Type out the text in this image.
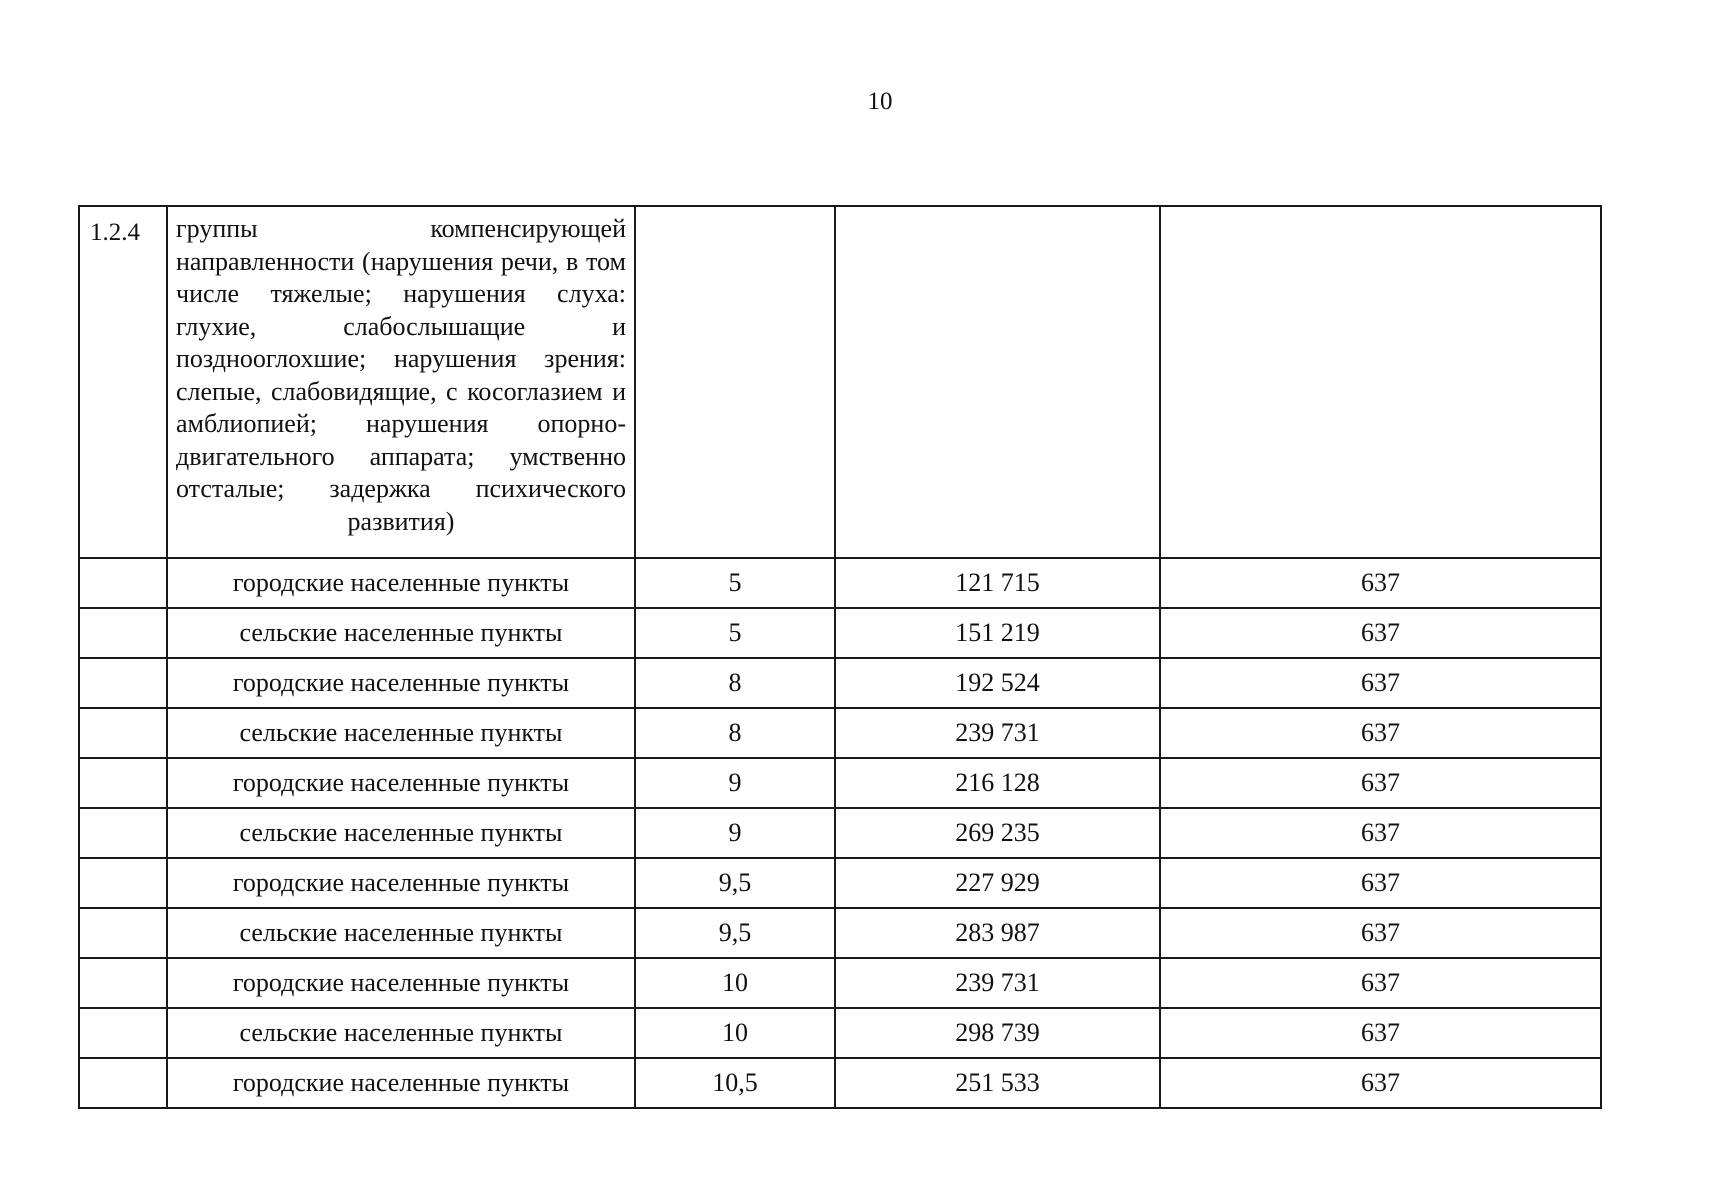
10
1.2.4	группы компенсирующей направленности (нарушения речи, в том числе тяжелые; нарушения слуха: глухие, слабослышащие и позднооглохшие; нарушения зрения: слепые, слабовидящие, с косоглазием и амблиопией; нарушения опорно-двигательного аппарата; умственно отсталые; задержка психического развития)			

	городские населенные пункты	5	121 715	637
	сельские населенные пункты	5	151 219	637
	городские населенные пункты	8	192 524	637
	сельские населенные пункты	8	239 731	637
	городские населенные пункты	9	216 128	637
	сельские населенные пункты	9	269 235	637
	городские населенные пункты	9,5	227 929	637
	сельские населенные пункты	9,5	283 987	637
	городские населенные пункты	10	239 731	637
	сельские населенные пункты	10	298 739	637
	городские населенные пункты	10,5	251 533	637
